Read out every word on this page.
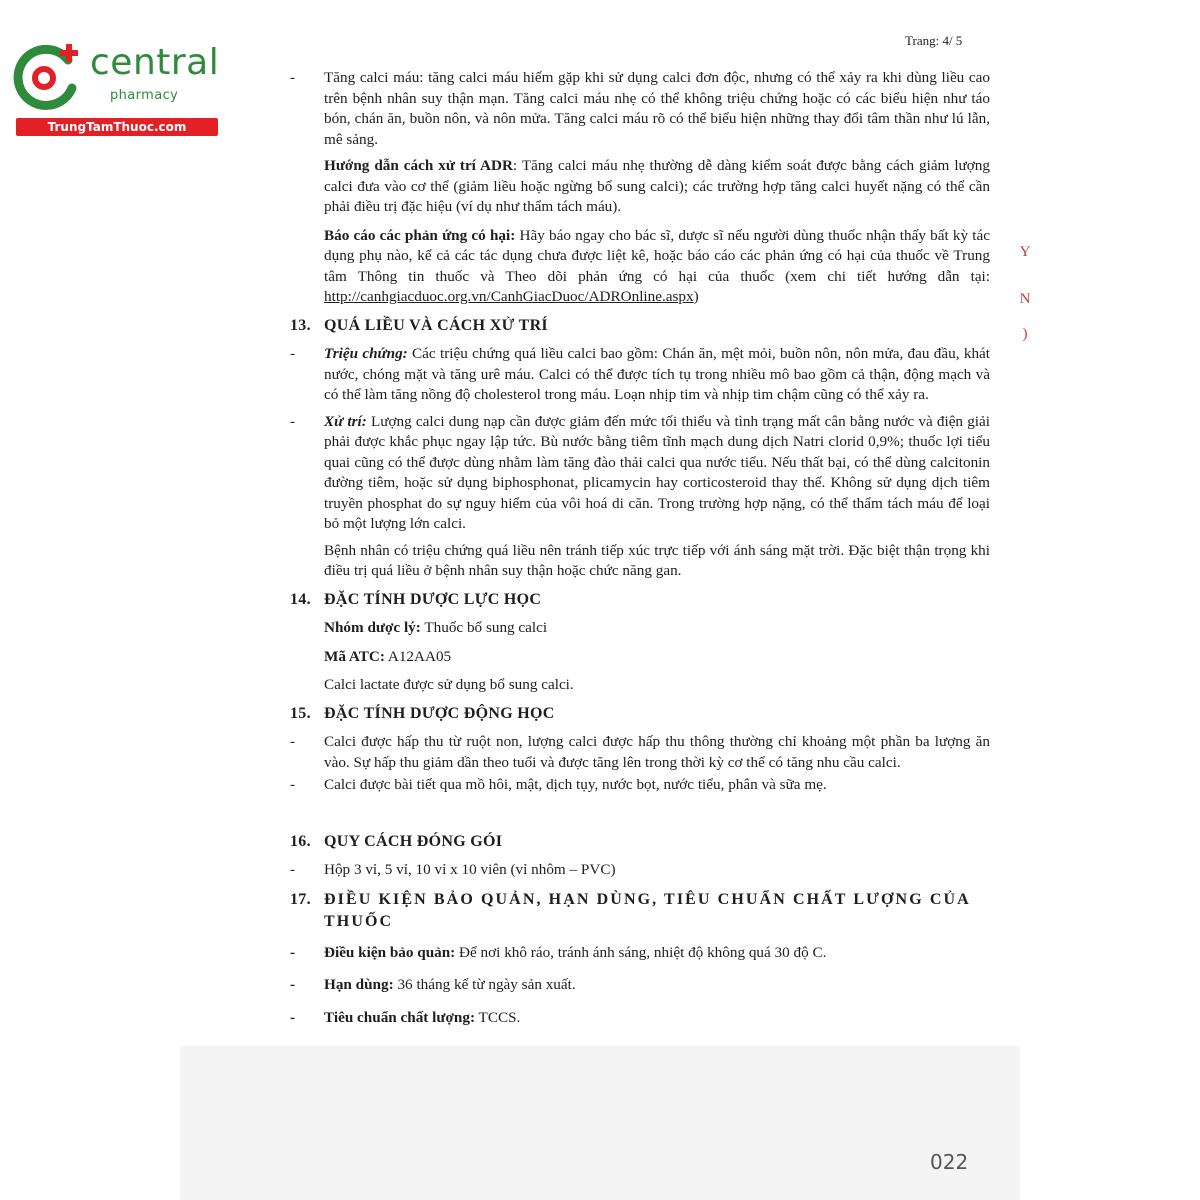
central
pharmacy
TrungTamThuoc.com
Trang: 4/ 5
Y
N
)
-	Tăng calci máu: tăng calci máu hiếm gặp khi sử dụng calci đơn độc, nhưng có thể xảy ra khi dùng liều cao trên bệnh nhân suy thận mạn. Tăng calci máu nhẹ có thể không triệu chứng hoặc có các biểu hiện như táo bón, chán ăn, buồn nôn, và nôn mửa. Tăng calci máu rõ có thể biểu hiện những thay đổi tâm thần như lú lẫn, mê sảng.
Hướng dẫn cách xử trí ADR: Tăng calci máu nhẹ thường dễ dàng kiểm soát được bằng cách giảm lượng calci đưa vào cơ thể (giảm liều hoặc ngừng bổ sung calci); các trường hợp tăng calci huyết nặng có thể cần phải điều trị đặc hiệu (ví dụ như thẩm tách máu).
Báo cáo các phản ứng có hại: Hãy báo ngay cho bác sĩ, dược sĩ nếu người dùng thuốc nhận thấy bất kỳ tác dụng phụ nào, kể cả các tác dụng chưa được liệt kê, hoặc báo cáo các phản ứng có hại của thuốc về Trung tâm Thông tin thuốc và Theo dõi phản ứng có hại của thuốc (xem chi tiết hướng dẫn tại: http://canhgiacduoc.org.vn/CanhGiacDuoc/ADROnline.aspx)
13. QUÁ LIỀU VÀ CÁCH XỬ TRÍ
-	Triệu chứng: Các triệu chứng quá liều calci bao gồm: Chán ăn, mệt mỏi, buồn nôn, nôn mửa, đau đầu, khát nước, chóng mặt và tăng urê máu. Calci có thể được tích tụ trong nhiều mô bao gồm cả thận, động mạch và có thể làm tăng nồng độ cholesterol trong máu. Loạn nhịp tim và nhịp tim chậm cũng có thể xảy ra.
-	Xử trí: Lượng calci dung nạp cần được giảm đến mức tối thiểu và tình trạng mất cân bằng nước và điện giải phải được khắc phục ngay lập tức. Bù nước bằng tiêm tĩnh mạch dung dịch Natri clorid 0,9%; thuốc lợi tiểu quai cũng có thể được dùng nhằm làm tăng đào thải calci qua nước tiểu. Nếu thất bại, có thể dùng calcitonin đường tiêm, hoặc sử dụng biphosphonat, plicamycin hay corticosteroid thay thế. Không sử dụng dịch tiêm truyền phosphat do sự nguy hiểm của vôi hoá di căn. Trong trường hợp nặng, có thể thẩm tách máu để loại bỏ một lượng lớn calci.
Bệnh nhân có triệu chứng quá liều nên tránh tiếp xúc trực tiếp với ánh sáng mặt trời. Đặc biệt thận trọng khi điều trị quá liều ở bệnh nhân suy thận hoặc chức năng gan.
14. ĐẶC TÍNH DƯỢC LỰC HỌC
Nhóm dược lý: Thuốc bổ sung calci
Mã ATC: A12AA05
Calci lactate được sử dụng bổ sung calci.
15. ĐẶC TÍNH DƯỢC ĐỘNG HỌC
-	Calci được hấp thu từ ruột non, lượng calci được hấp thu thông thường chỉ khoảng một phần ba lượng ăn vào. Sự hấp thu giảm dần theo tuổi và được tăng lên trong thời kỳ cơ thể có tăng nhu cầu calci.
-	Calci được bài tiết qua mồ hôi, mật, dịch tụy, nước bọt, nước tiểu, phân và sữa mẹ.
16. QUY CÁCH ĐÓNG GÓI
-	Hộp 3 vỉ, 5 vỉ, 10 vỉ x 10 viên (vỉ nhôm – PVC)
17. ĐIỀU KIỆN BẢO QUẢN, HẠN DÙNG, TIÊU CHUẨN CHẤT LƯỢNG CỦA THUỐC
-	Điều kiện bảo quản: Để nơi khô ráo, tránh ánh sáng, nhiệt độ không quá 30 độ C.
-	Hạn dùng: 36 tháng kể từ ngày sản xuất.
-	Tiêu chuẩn chất lượng: TCCS.
022
